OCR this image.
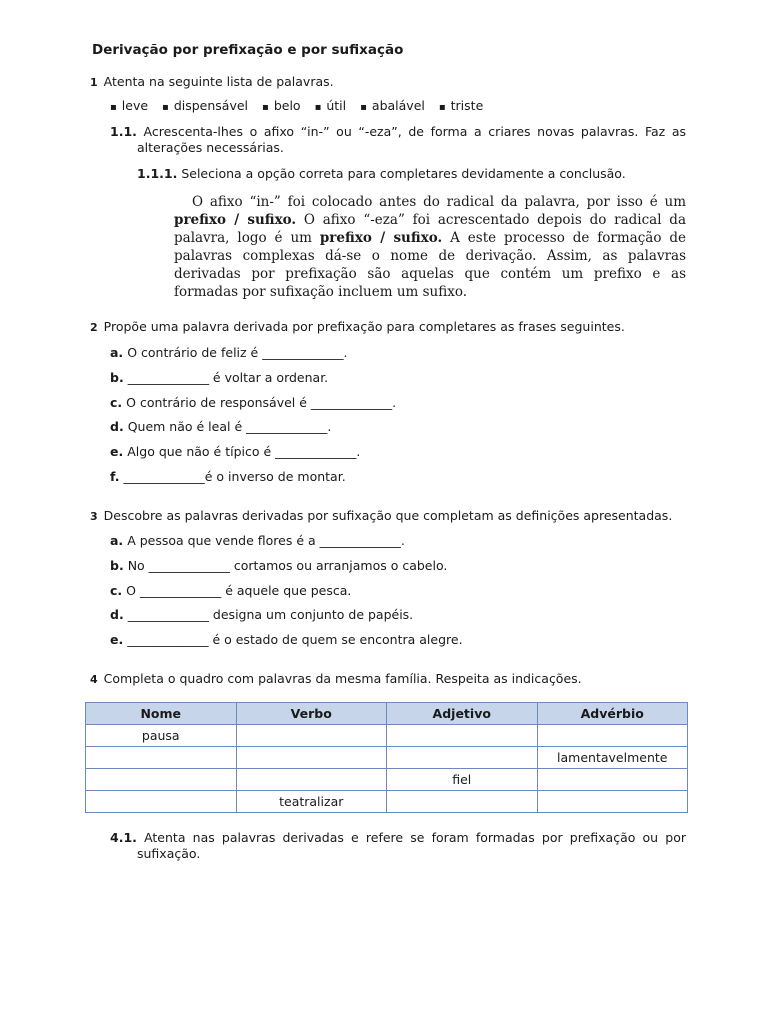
Derivação por prefixação e por sufixação
1 Atenta na seguinte lista de palavras.
▪ leve	▪ dispensável	▪ belo	▪ útil	▪ abalável	▪ triste
1.1. Acrescenta-lhes o afixo “in-” ou “-eza”, de forma a criares novas palavras. Faz as
alterações necessárias.
1.1.1. Seleciona a opção correta para completares devidamente a conclusão.
O afixo “in-” foi colocado antes do radical da palavra, por isso é um prefixo / sufixo. O afixo “-eza” foi acrescentado depois do radical da palavra, logo é um prefixo / sufixo. A este processo de formação de palavras complexas dá-se o nome de derivação. Assim, as palavras derivadas por prefixação são aquelas que contém um prefixo e as formadas por sufixação incluem um sufixo.
2 Propõe uma palavra derivada por prefixação para completares as frases seguintes.
a. O contrário de feliz é _____________.
b. _____________ é voltar a ordenar.
c. O contrário de responsável é _____________.
d. Quem não é leal é _____________.
e. Algo que não é típico é _____________.
f. _____________é o inverso de montar.
3 Descobre as palavras derivadas por sufixação que completam as definições apresentadas.
a. A pessoa que vende flores é a _____________.
b. No _____________ cortamos ou arranjamos o cabelo.
c. O _____________ é aquele que pesca.
d. _____________ designa um conjunto de papéis.
e. _____________ é o estado de quem se encontra alegre.
4 Completa o quadro com palavras da mesma família. Respeita as indicações.
Nome	Verbo	Adjetivo	Advérbio
pausa			
			lamentavelmente
		fiel	
	teatralizar		
4.1. Atenta nas palavras derivadas e refere se foram formadas por prefixação ou por
sufixação.
